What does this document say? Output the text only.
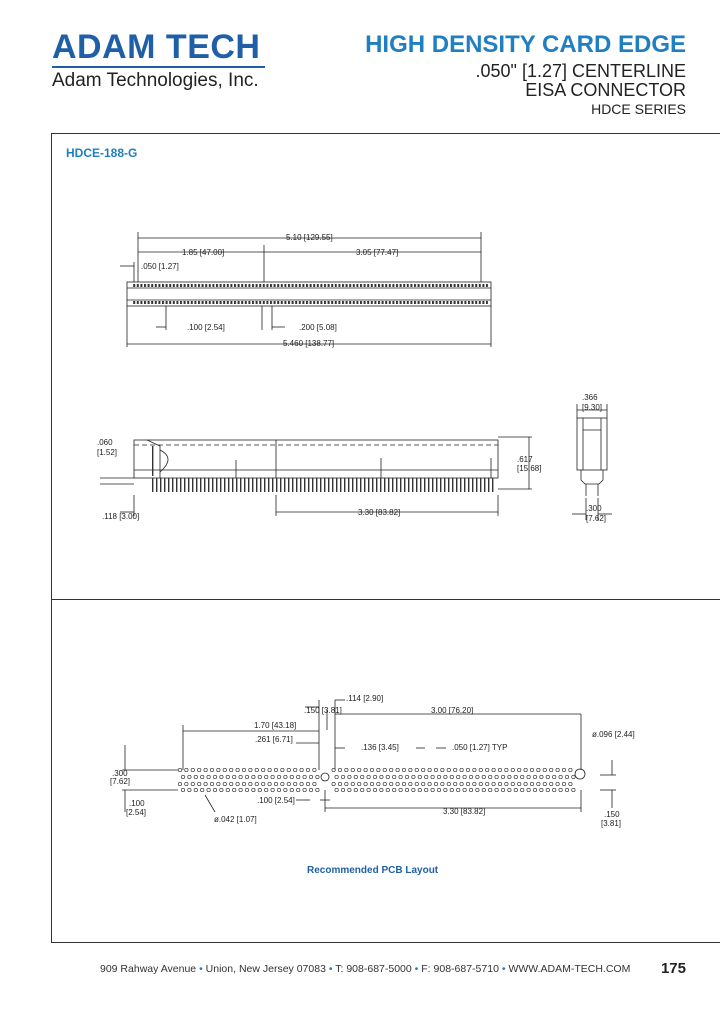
ADAM TECH
Adam Technologies, Inc.
HIGH DENSITY CARD EDGE
.050" [1.27] CENTERLINE
EISA CONNECTOR
HDCE SERIES
HDCE-188-G
5.10 [129.55]
1.85 [47.00]	3.05 [77.47]
.050 [1.27]
.100 [2.54]	.200 [5.08]
5.460 [138.77]
.060
[1.52]
.118 [3.00]	3.30 [83.82]
.617
[15.68]
.366
[9.30]
.300
[7.62]
.150 [3.81]
.114 [2.90]
3.00 [76.20]
1.70 [43.18]
.261 [6.71]
.136 [3.45]	.050 [1.27] TYP
ø.096 [2.44]
.300
[7.62]
.100
[2.54]
ø.042 [1.07]
.100 [2.54]
3.30 [83.82]	.150
[3.81]
Recommended PCB Layout
909 Rahway Avenue • Union, New Jersey 07083 • T: 908-687-5000 • F: 908-687-5710 • WWW.ADAM-TECH.COM 175
